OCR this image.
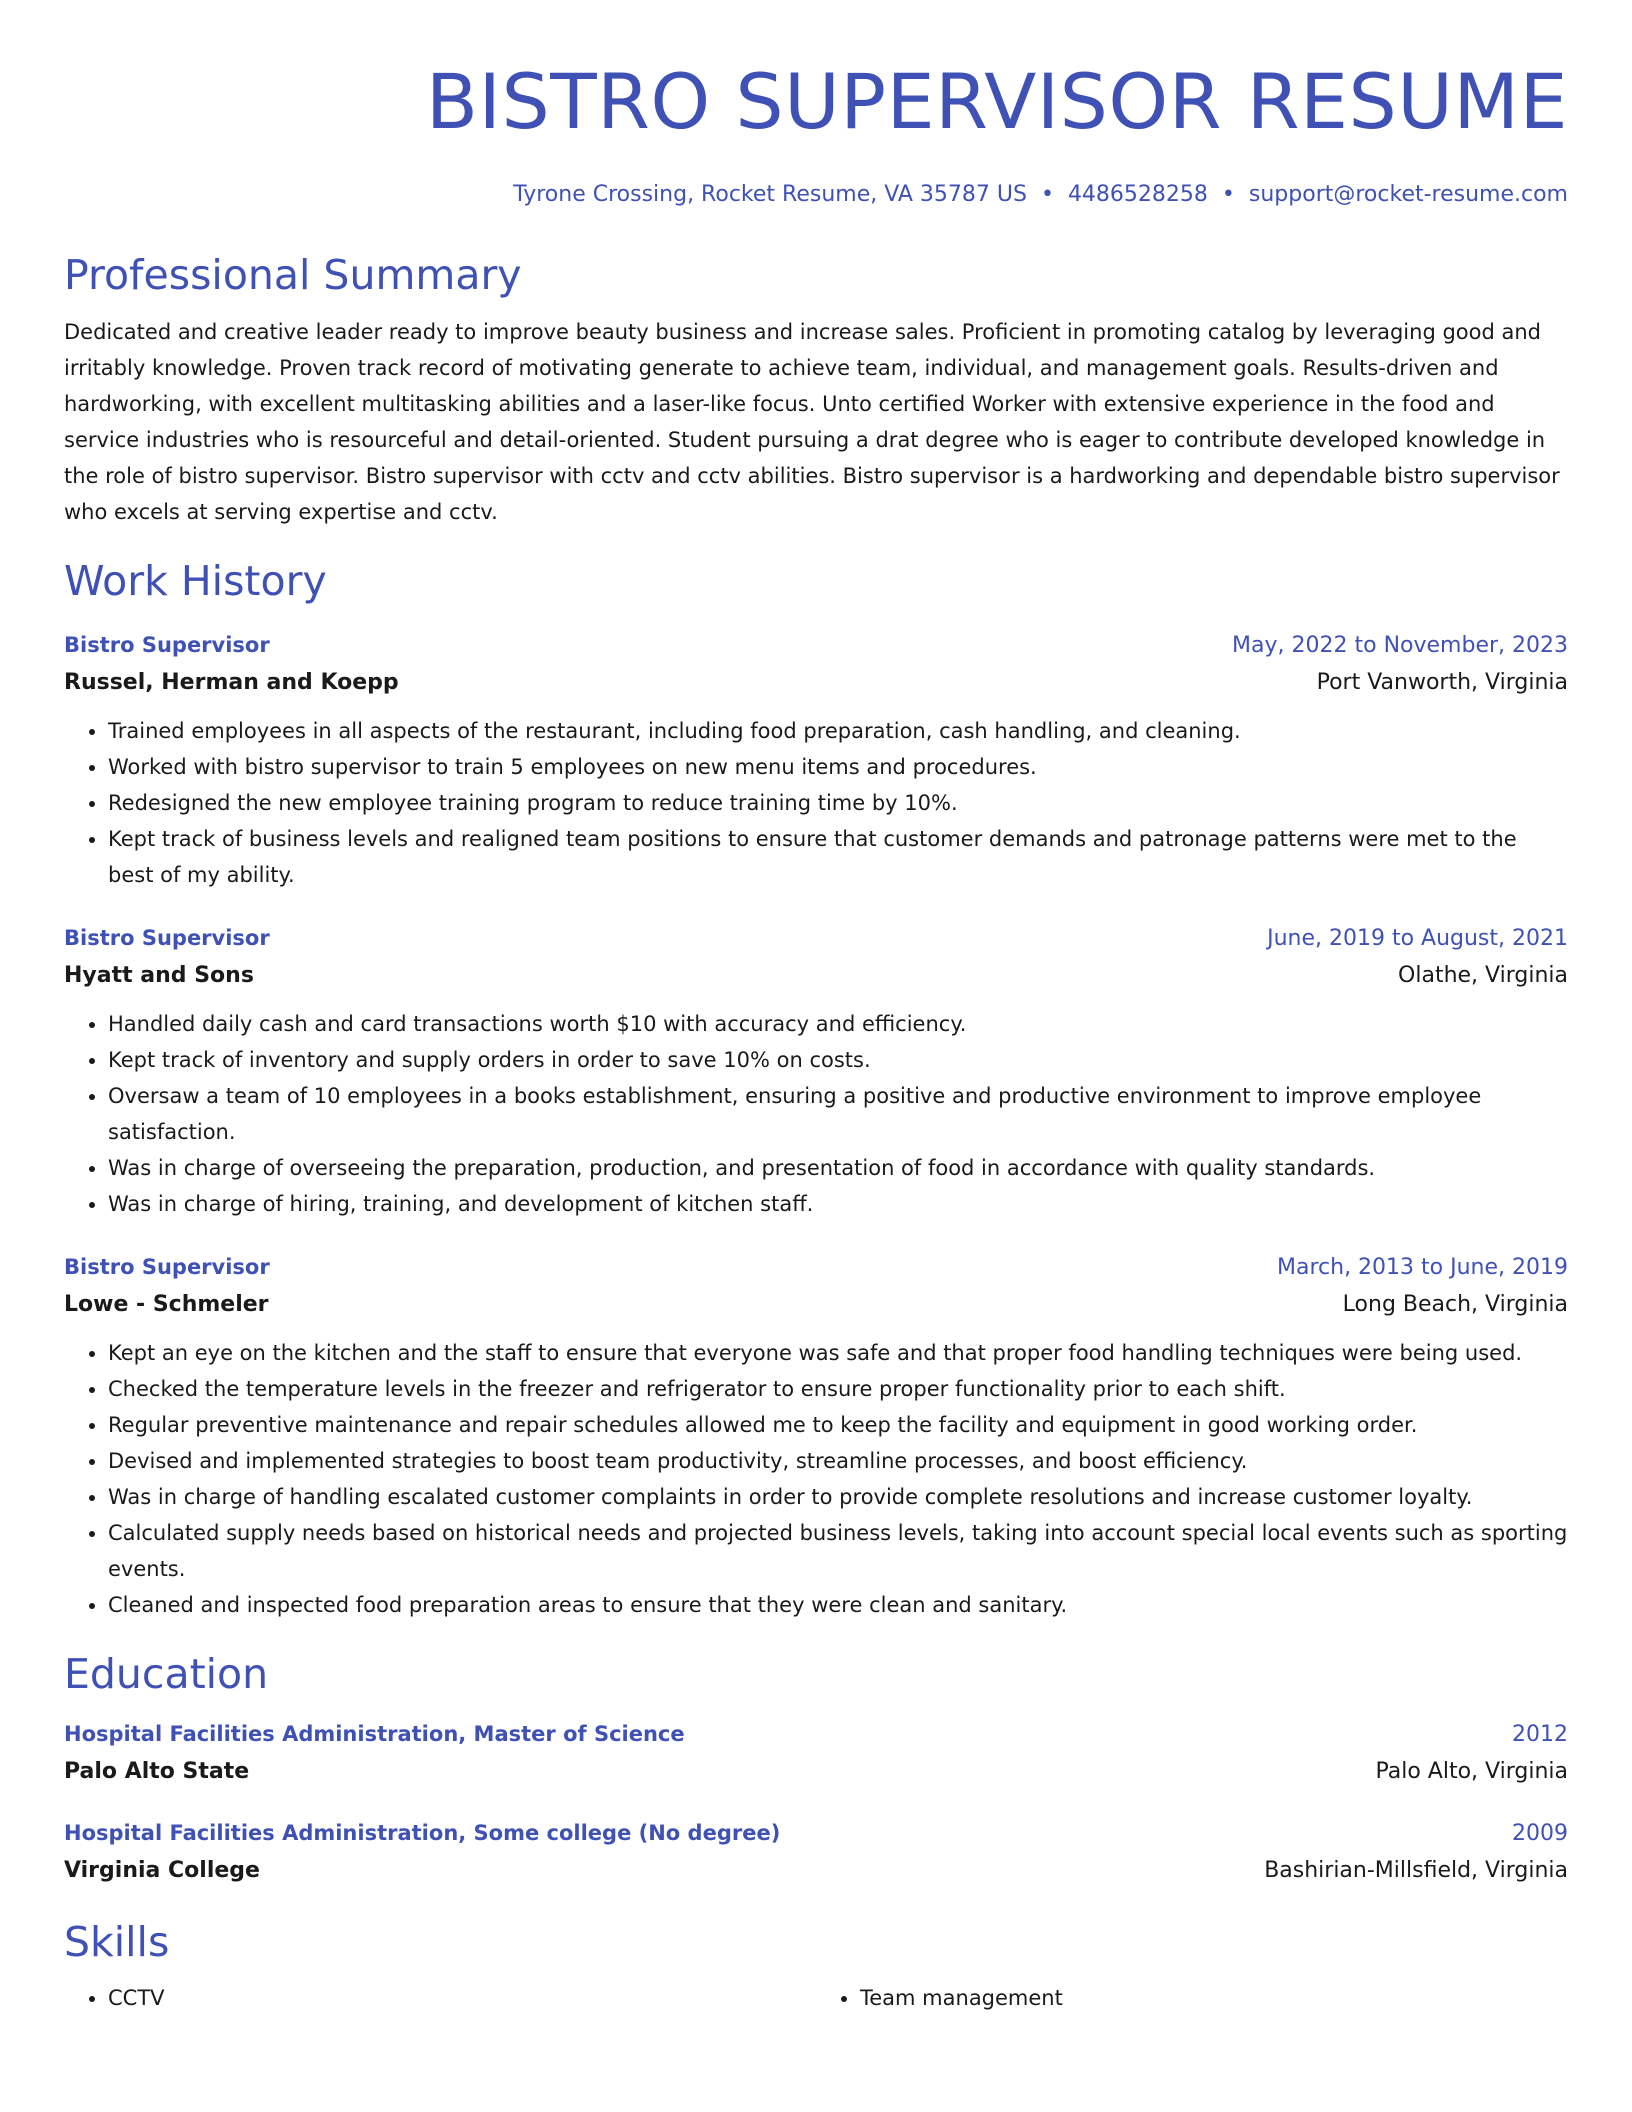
BISTRO SUPERVISOR RESUME
Tyrone Crossing, Rocket Resume, VA 35787 US • 4486528258 • support@rocket-resume.com
Professional Summary
Dedicated and creative leader ready to improve beauty business and increase sales. Proficient in promoting catalog by leveraging good and irritably knowledge. Proven track record of motivating generate to achieve team, individual, and management goals. Results-driven and hardworking, with excellent multitasking abilities and a laser-like focus. Unto certified Worker with extensive experience in the food and service industries who is resourceful and detail-oriented. Student pursuing a drat degree who is eager to contribute developed knowledge in the role of bistro supervisor. Bistro supervisor with cctv and cctv abilities. Bistro supervisor is a hardworking and dependable bistro supervisor who excels at serving expertise and cctv.
Work History
Bistro Supervisor	May, 2022 to November, 2023
Russel, Herman and Koepp	Port Vanworth, Virginia
• Trained employees in all aspects of the restaurant, including food preparation, cash handling, and cleaning.
• Worked with bistro supervisor to train 5 employees on new menu items and procedures.
• Redesigned the new employee training program to reduce training time by 10%.
• Kept track of business levels and realigned team positions to ensure that customer demands and patronage patterns were met to the best of my ability.
Bistro Supervisor	June, 2019 to August, 2021
Hyatt and Sons	Olathe, Virginia
• Handled daily cash and card transactions worth $10 with accuracy and efficiency.
• Kept track of inventory and supply orders in order to save 10% on costs.
• Oversaw a team of 10 employees in a books establishment, ensuring a positive and productive environment to improve employee satisfaction.
• Was in charge of overseeing the preparation, production, and presentation of food in accordance with quality standards.
• Was in charge of hiring, training, and development of kitchen staff.
Bistro Supervisor	March, 2013 to June, 2019
Lowe - Schmeler	Long Beach, Virginia
• Kept an eye on the kitchen and the staff to ensure that everyone was safe and that proper food handling techniques were being used.
• Checked the temperature levels in the freezer and refrigerator to ensure proper functionality prior to each shift.
• Regular preventive maintenance and repair schedules allowed me to keep the facility and equipment in good working order.
• Devised and implemented strategies to boost team productivity, streamline processes, and boost efficiency.
• Was in charge of handling escalated customer complaints in order to provide complete resolutions and increase customer loyalty.
• Calculated supply needs based on historical needs and projected business levels, taking into account special local events such as sporting events.
• Cleaned and inspected food preparation areas to ensure that they were clean and sanitary.
Education
Hospital Facilities Administration, Master of Science	2012
Palo Alto State	Palo Alto, Virginia
Hospital Facilities Administration, Some college (No degree)	2009
Virginia College	Bashirian-Millsfield, Virginia
Skills
• CCTV
•	Team management
